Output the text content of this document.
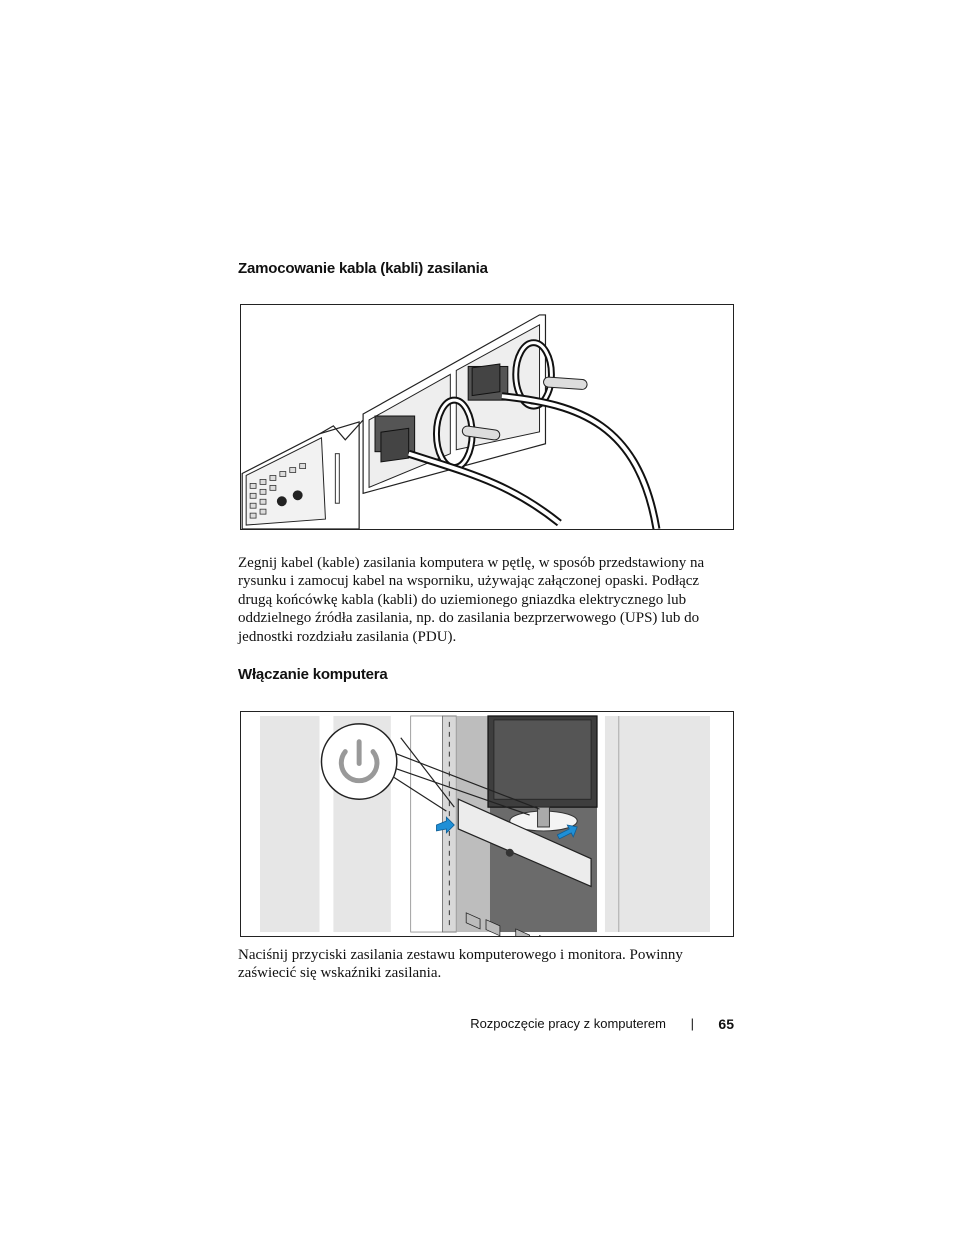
Zamocowanie kabla (kabli) zasilania

Zegnij kabel (kable) zasilania komputera w pętlę, w sposób przedstawiony na rysunku i zamocuj kabel na wsporniku, używając załączonej opaski. Podłącz drugą końcówkę kabla (kabli) do uziemionego gniazdka elektrycznego lub oddzielnego źródła zasilania, np. do zasilania bezprzerwowego (UPS) lub do jednostki rozdziału zasilania (PDU).

Włączanie komputera

Naciśnij przyciski zasilania zestawu komputerowego i monitora. Powinny zaświecić się wskaźniki zasilania.

Rozpoczęcie pracy z komputerem | 65
